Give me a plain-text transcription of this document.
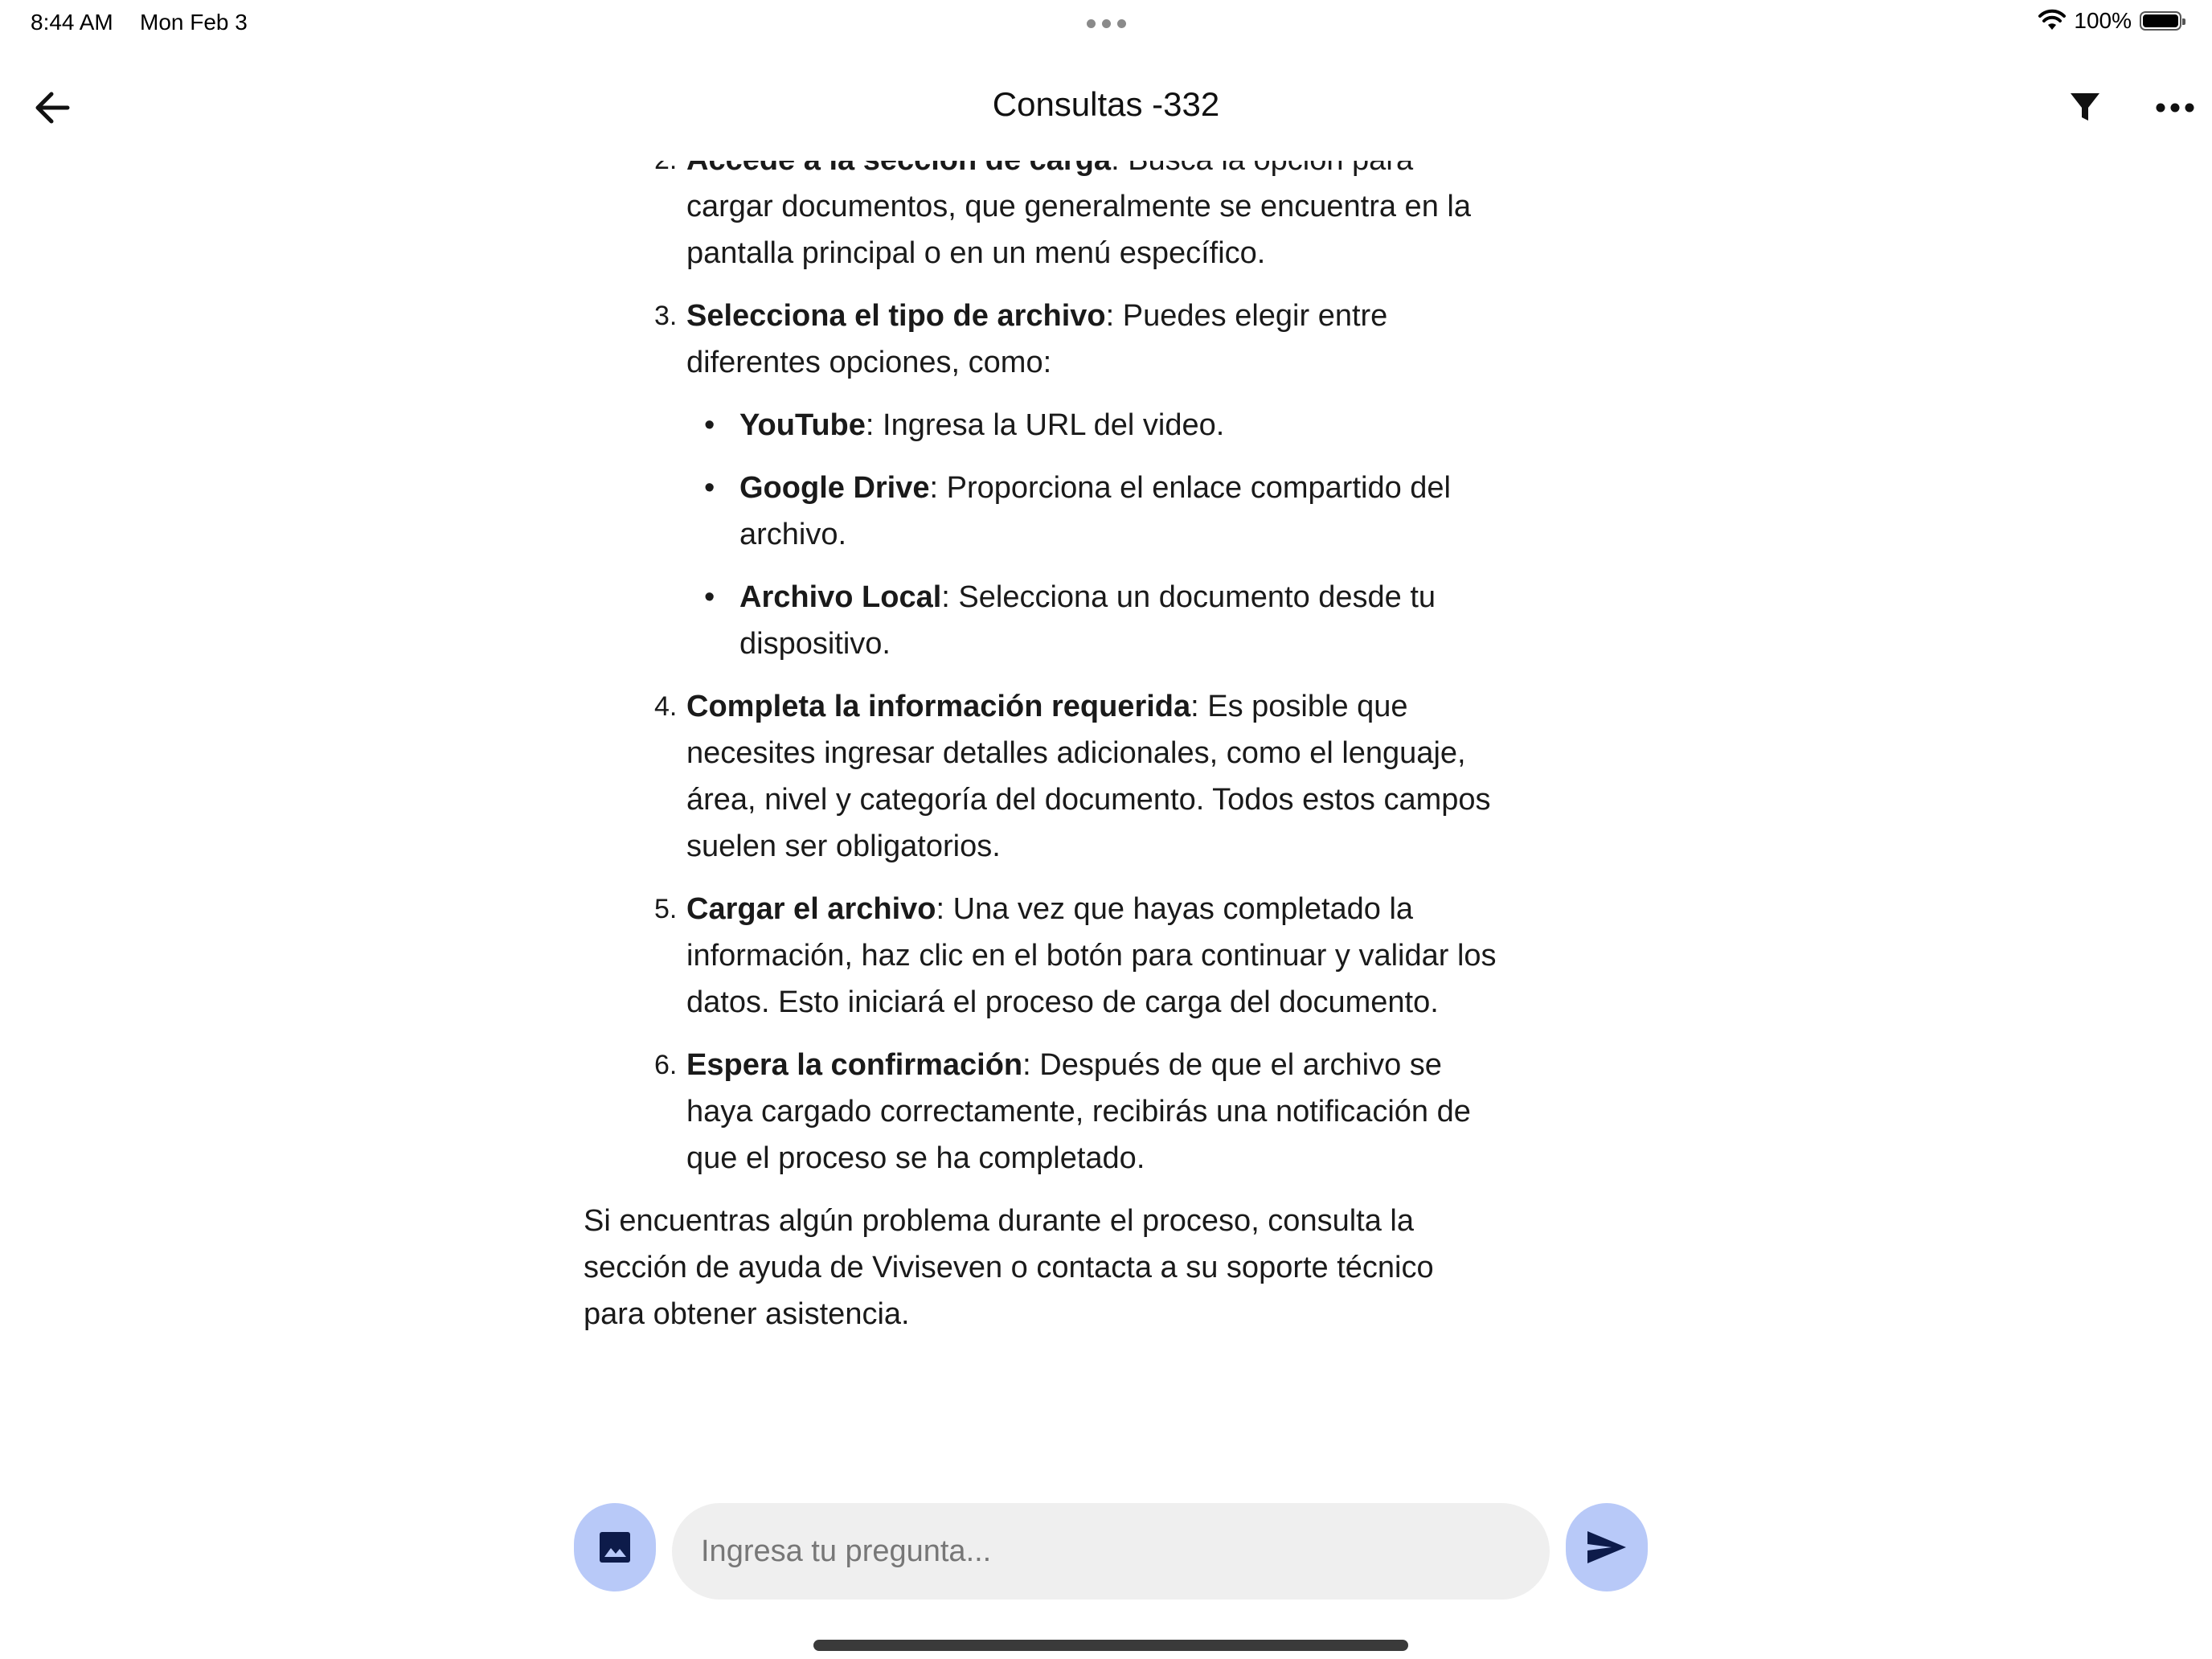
8:44 AM Mon Feb 3	100%
Consultas -332

cargar documentos, que generalmente se encuentra en la pantalla principal o en un menú específico.
3. Selecciona el tipo de archivo: Puedes elegir entre diferentes opciones, como:
• YouTube: Ingresa la URL del video.
• Google Drive: Proporciona el enlace compartido del archivo.
• Archivo Local: Selecciona un documento desde tu dispositivo.
4. Completa la información requerida: Es posible que necesites ingresar detalles adicionales, como el lenguaje, área, nivel y categoría del documento. Todos estos campos suelen ser obligatorios.
5. Cargar el archivo: Una vez que hayas completado la información, haz clic en el botón para continuar y validar los datos. Esto iniciará el proceso de carga del documento.
6. Espera la confirmación: Después de que el archivo se haya cargado correctamente, recibirás una notificación de que el proceso se ha completado.

Si encuentras algún problema durante el proceso, consulta la sección de ayuda de Viviseven o contacta a su soporte técnico para obtener asistencia.

Ingresa tu pregunta...
